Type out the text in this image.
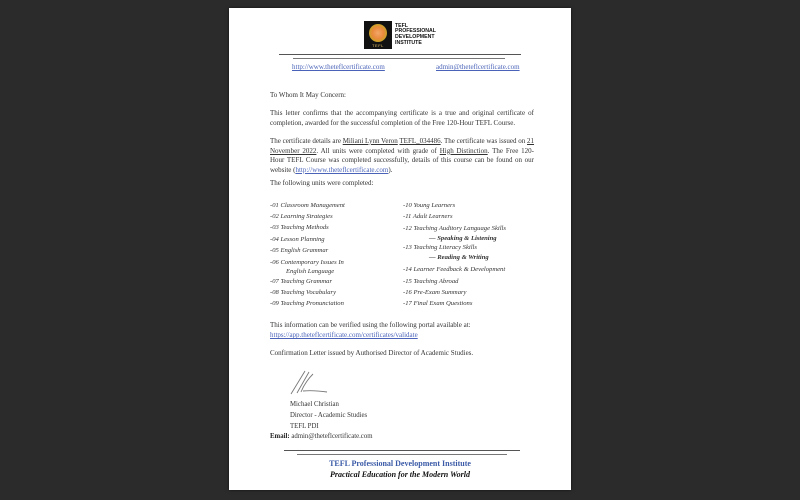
TEFL
TEFL
PROFESSIONAL
DEVELOPMENT
INSTITUTE
http://www.theteflcertificate.com	admin@theteflcertificate.com
To Whom It May Concern:
This letter confirms that the accompanying certificate is a true and original certificate of completion, awarded for the successful completion of the Free 120-Hour TEFL Course.
The certificate details are Miliani Lynn Veron TEFL_034486. The certificate was issued on 21 November 2022. All units were completed with grade of High Distinction. The Free 120-Hour TEFL Course was completed successfully, details of this course can be found on our website (http://www.theteflcertificate.com).
The following units were completed:
-01 Classroom Management
-02 Learning Strategies
-03 Teaching Methods
-04 Lesson Planning
-05 English Grammar
-06 Contemporary Issues In
English Language
-07 Teaching Grammar
-08 Teaching Vocabulary
-09 Teaching Pronunciation
-10 Young Learners
-11 Adult Learners
-12 Teaching Auditory Language Skills
— Speaking & Listening
-13 Teaching Literacy Skills
— Reading & Writing
-14 Learner Feedback & Development
-15 Teaching Abroad
-16 Pre-Exam Summary
-17 Final Exam Questions
This information can be verified using the following portal available at:
https://app.theteflcertificate.com/certificates/validate
Confirmation Letter issued by Authorised Director of Academic Studies.
Michael Christian
Director - Academic Studies
TEFL PDI
Email: admin@theteflcertificate.com
TEFL Professional Development Institute
Practical Education for the Modern World
